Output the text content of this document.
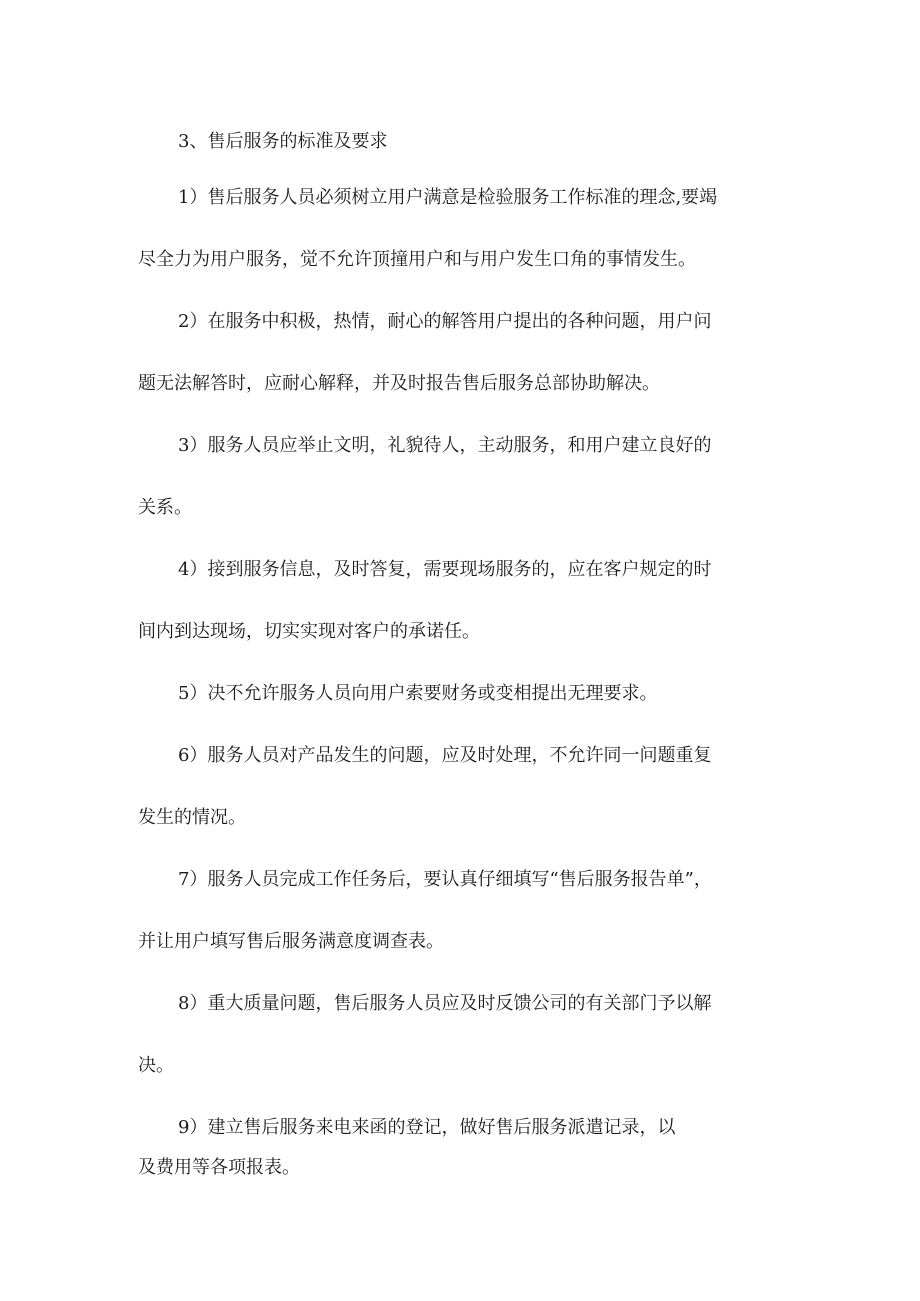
3、售后服务的标准及要求

1）售后服务人员必须树立用户满意是检验服务工作标准的理念,要竭

尽全力为用户服务，觉不允许顶撞用户和与用户发生口角的事情发生。

2）在服务中积极，热情，耐心的解答用户提出的各种问题，用户问

题无法解答时，应耐心解释，并及时报告售后服务总部协助解决。

3）服务人员应举止文明，礼貌待人，主动服务，和用户建立良好的

关系。

4）接到服务信息，及时答复，需要现场服务的，应在客户规定的时

间内到达现场，切实实现对客户的承诺任。

5）决不允许服务人员向用户索要财务或变相提出无理要求。

6）服务人员对产品发生的问题，应及时处理，不允许同一问题重复

发生的情况。

7）服务人员完成工作任务后，要认真仔细填写“售后服务报告单”，

并让用户填写售后服务满意度调查表。

8）重大质量问题，售后服务人员应及时反馈公司的有关部门予以解

决。

9）建立售后服务来电来函的登记，做好售后服务派遣记录，以

及费用等各项报表。
